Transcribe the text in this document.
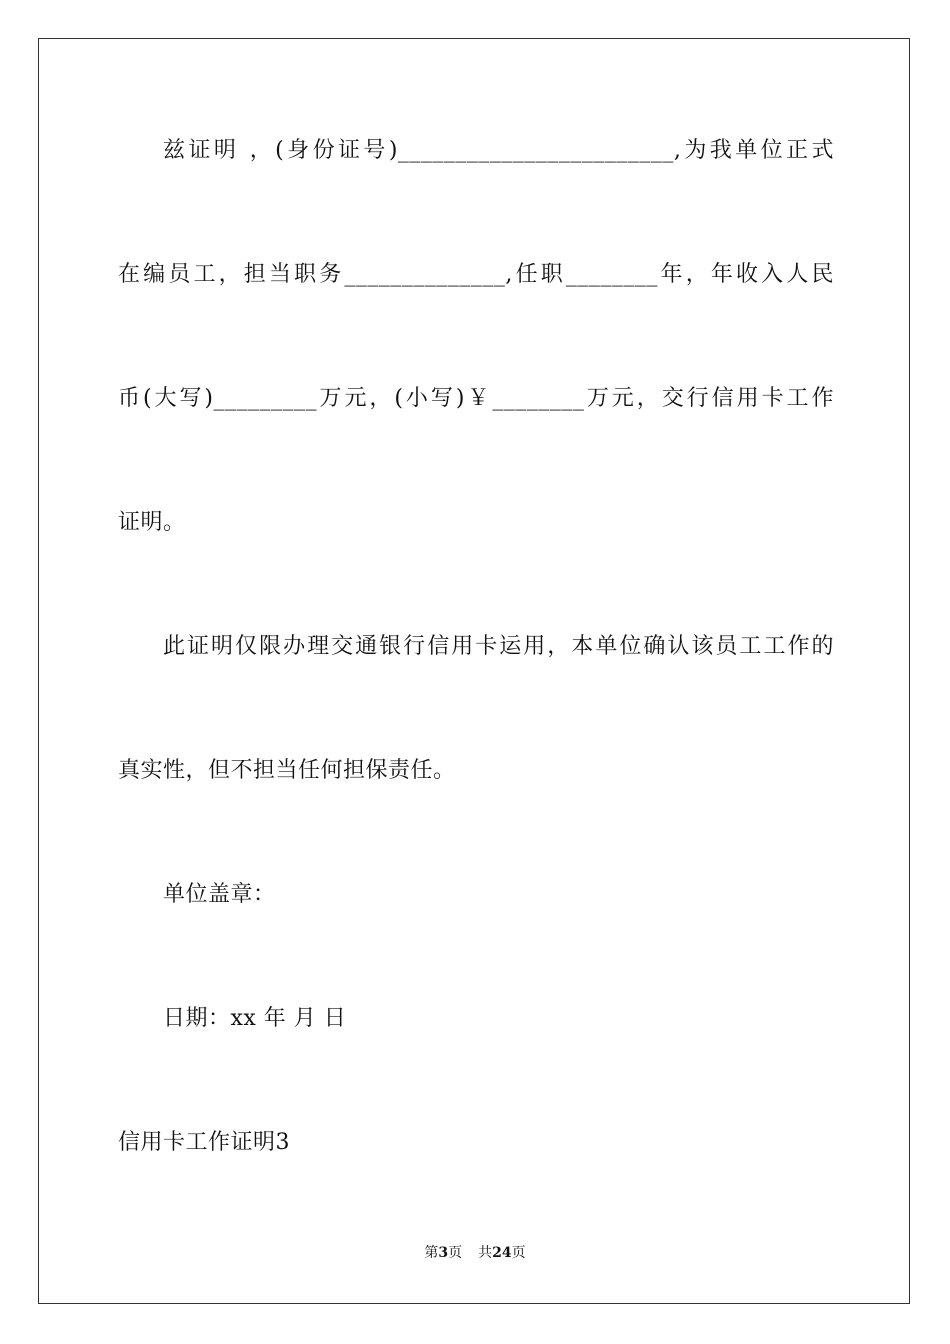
兹证明 ，(身份证号)________________________,为我单位正式
在编员工，担当职务______________,任职________年，年收入人民
币(大写)_________万元，(小写)￥________万元，交行信用卡工作
证明。
此证明仅限办理交通银行信用卡运用，本单位确认该员工工作的
真实性，但不担当任何担保责任。
单位盖章：
日期：xx 年 月 日
信用卡工作证明3
第3页 共24页
